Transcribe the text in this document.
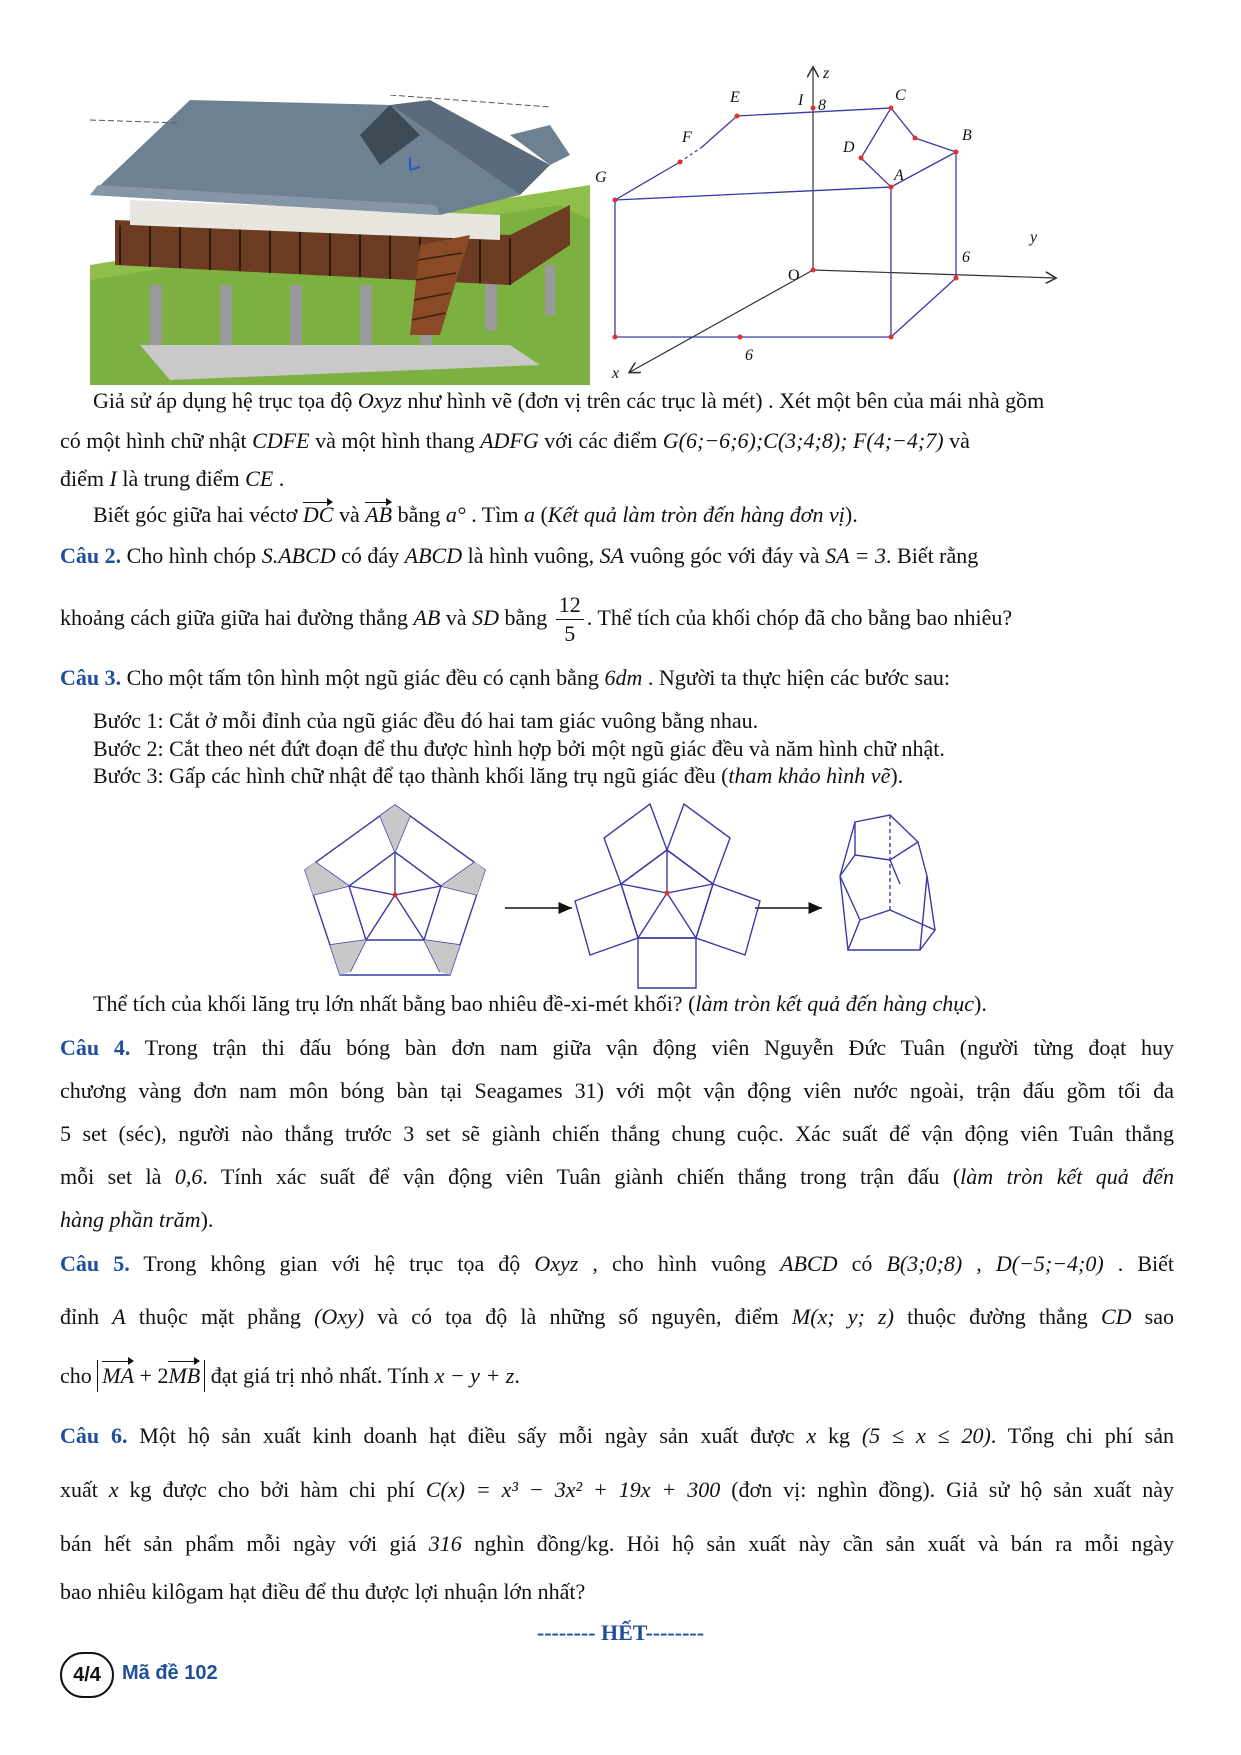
z
y
x
O
E	I 8
C
F	B
D
A
G
6
6
Giả sử áp dụng hệ trục tọa độ Oxyz như hình vẽ (đơn vị trên các trục là mét) . Xét một bên của mái nhà gồm
có một hình chữ nhật CDFE và một hình thang ADFG với các điểm G(6;−6;6);C(3;4;8); F(4;−4;7) và
điểm I là trung điểm CE .
Biết góc giữa hai véctơ DC và AB bằng a° . Tìm a (Kết quả làm tròn đến hàng đơn vị).
Câu 2. Cho hình chóp S.ABCD có đáy ABCD là hình vuông, SA vuông góc với đáy và SA = 3. Biết rằng
khoảng cách giữa giữa hai đường thẳng AB và SD bằng $\frac{12}{5}$ . Thể tích của khối chóp đã cho bằng bao nhiêu?
Câu 3. Cho một tấm tôn hình một ngũ giác đều có cạnh bằng 6dm . Người ta thực hiện các bước sau:
Bước 1: Cắt ở mỗi đỉnh của ngũ giác đều đó hai tam giác vuông bằng nhau.
Bước 2: Cắt theo nét đứt đoạn để thu được hình hợp bởi một ngũ giác đều và năm hình chữ nhật.
Bước 3: Gấp các hình chữ nhật để tạo thành khối lăng trụ ngũ giác đều (tham khảo hình vẽ).
Thể tích của khối lăng trụ lớn nhất bằng bao nhiêu đề-xi-mét khối? (làm tròn kết quả đến hàng chục).
Câu 4. Trong trận thi đấu bóng bàn đơn nam giữa vận động viên Nguyễn Đức Tuân (người từng đoạt huy
chương vàng đơn nam môn bóng bàn tại Seagames 31) với một vận động viên nước ngoài, trận đấu gồm tối đa
5 set (séc), người nào thắng trước 3 set sẽ giành chiến thắng chung cuộc. Xác suất để vận động viên Tuân thắng
mỗi set là 0,6. Tính xác suất để vận động viên Tuân giành chiến thắng trong trận đấu (làm tròn kết quả đến
hàng phần trăm).
Câu 5. Trong không gian với hệ trục tọa độ Oxyz , cho hình vuông ABCD có B(3;0;8) , D(−5;−4;0) . Biết
đỉnh A thuộc mặt phẳng (Oxy) và có tọa độ là những số nguyên, điểm M(x; y; z) thuộc đường thẳng CD sao
cho MA + 2MB đạt giá trị nhỏ nhất. Tính x − y + z.
Câu 6. Một hộ sản xuất kinh doanh hạt điều sấy mỗi ngày sản xuất được x kg (5 ≤ x ≤ 20). Tổng chi phí sản
xuất x kg được cho bởi hàm chi phí C(x) = x³ − 3x² + 19x + 300 (đơn vị: nghìn đồng). Giả sử hộ sản xuất này
bán hết sản phẩm mỗi ngày với giá 316 nghìn đồng/kg. Hỏi hộ sản xuất này cần sản xuất và bán ra mỗi ngày
bao nhiêu kilôgam hạt điều để thu được lợi nhuận lớn nhất?
-------- HẾT--------
4/4	Mã đề 102
